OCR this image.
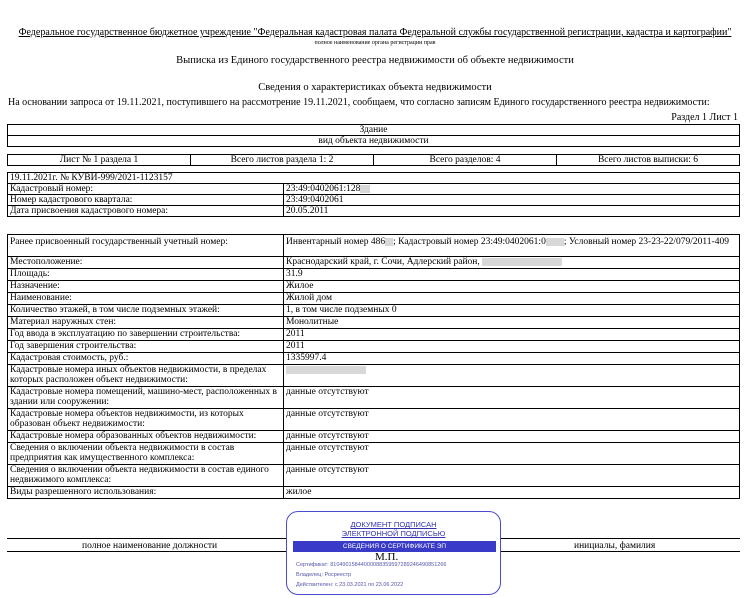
Федеральное государственное бюджетное учреждение "Федеральная кадастровая палата Федеральной службы государственной регистрации, кадастра и картографии"
полное наименование органа регистрации прав
Выписка из Единого государственного реестра недвижимости об объекте недвижимости
Сведения о характеристиках объекта недвижимости
На основании запроса от 19.11.2021, поступившего на рассмотрение 19.11.2021, сообщаем, что согласно записям Единого государственного реестра недвижимости:
Раздел 1 Лист 1
Здание
вид объекта недвижимости
Лист № 1 раздела 1	Всего листов раздела 1: 2	Всего разделов: 4	Всего листов выписки: 6
19.11.2021г. № КУВИ-999/2021-1123157	
Кадастровый номер:	23:49:0402061:128
Номер кадастрового квартала:	23:49:0402061
Дата присвоения кадастрового номера:	20.05.2011
Ранее присвоенный государственный учетный номер:	Инвентарный номер 486 ; Кадастровый номер 23:49:0402061:0 ; Условный номер 23-23-22/079/2011-409
Местоположение:	Краснодарский край, г. Сочи, Адлерский район,
Площадь:	31.9
Назначение:	Жилое
Наименование:	Жилой дом
Количество этажей, в том числе подземных этажей:	1, в том числе подземных 0
Материал наружных стен:	Монолитные
Год ввода в эксплуатацию по завершении строительства:	2011
Год завершения строительства:	2011
Кадастровая стоимость, руб.:	1335997.4
Кадастровые номера иных объектов недвижимости, в пределах которых расположен объект недвижимости:	
Кадастровые номера помещений, машино-мест, расположенных в здании или сооружении:	данные отсутствуют
Кадастровые номера объектов недвижимости, из которых образован объект недвижимости:	данные отсутствуют
Кадастровые номера образованных объектов недвижимости:	данные отсутствуют
Сведения о включении объекта недвижимости в состав предприятия как имущественного комплекса:	данные отсутствуют
Сведения о включении объекта недвижимости в состав единого недвижимого комплекса:	данные отсутствуют
Виды разрешенного использования:	жилое
полное наименование должности	инициалы, фамилия
ДОКУМЕНТ ПОДПИСАН
ЭЛЕКТРОННОЙ ПОДПИСЬЮ
СВЕДЕНИЯ О СЕРТИФИКАТЕ ЭП
М.П.
Сертификат: 81049015844000088359597289246490851266
Владелец: Росреестр
Действителен: с 23.03.2021 по 23.06.2022
